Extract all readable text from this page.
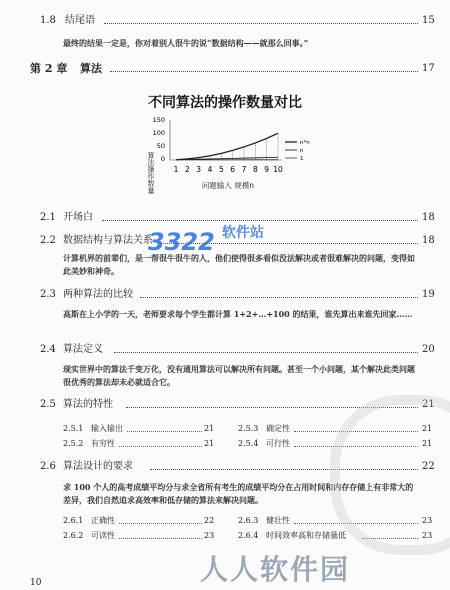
1.8 结尾语	15
最终的结果一定是，你对着别人很牛的说“数据结构——就那么回事。”
第 2 章 算法	17
不同算法的操作数量对比
算法操作数量
150
100
50
0
1 2 3 4 5 6 7 8 9 10
n*n
n
1
问题输入 规模n
2.1 开场白	18
2.2 数据结构与算法关系	18
计算机界的前辈们，是一帮很牛很牛的人，他们使得很多看似没法解决或者很难解决的问题，变得如此美妙和神奇。
2.3 两种算法的比较	19
高斯在上小学的一天，老师要求每个学生都计算 1+2+…+100 的结果，谁先算出来谁先回家……
2.4 算法定义	20
现实世界中的算法千变万化，没有通用算法可以解决所有问题。甚至一个小问题，某个解决此类问题很优秀的算法却未必就适合它。
2.5 算法的特性	21
2.5.1 输入输出	21	2.5.3 确定性	21
2.5.2 有穷性	21	2.5.4 可行性	21
2.6 算法设计的要求	22
求 100 个人的高考成绩平均分与求全省所有考生的成绩平均分在占用时间和内存存储上有非常大的差异，我们自然追求高效率和低存储的算法来解决问题。
2.6.1 正确性	22	2.6.3 健壮性	23
2.6.2 可读性	23	2.6.4 时间效率高和存储量低	23
10
3322 软件站
人人软件园
